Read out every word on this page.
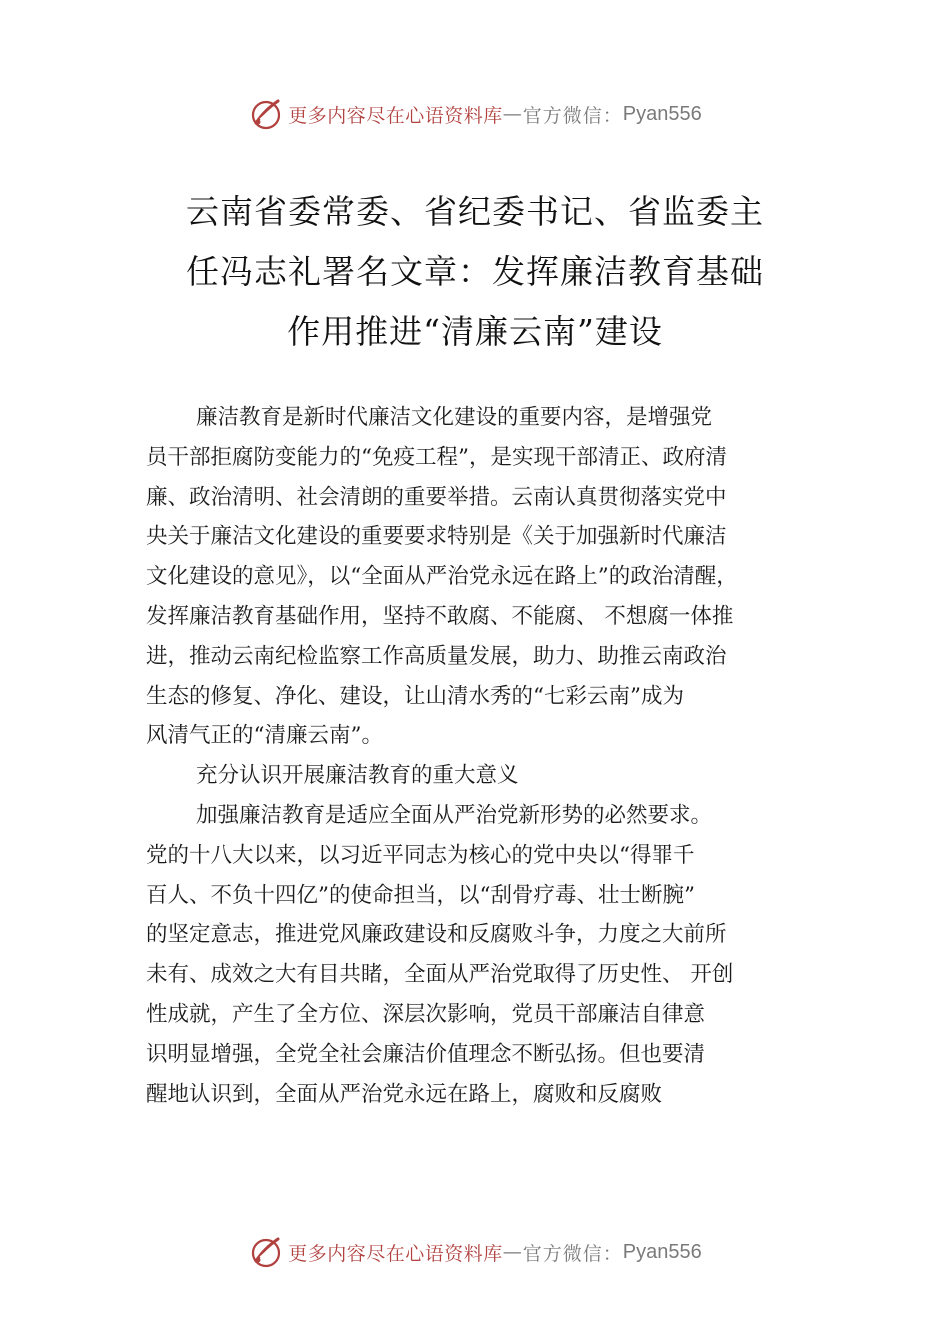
更多内容尽在心语资料库 — 官方微信： Pyan556
云南省委常委、省纪委书记、省监委主
任冯志礼署名文章：发挥廉洁教育基础
作用推进“清廉云南”建设
廉洁教育是新时代廉洁文化建设的重要内容，是增强党
员干部拒腐防变能力的“免疫工程”，是实现干部清正、政府清
廉、政治清明、社会清朗的重要举措。云南认真贯彻落实党中
央关于廉洁文化建设的重要要求特别是《关于加强新时代廉洁
文化建设的意见》，以“全面从严治党永远在路上”的政治清醒，
发挥廉洁教育基础作用，坚持不敢腐、不能腐、 不想腐一体推
进，推动云南纪检监察工作高质量发展，助力、助推云南政治
生态的修复、净化、建设，让山清水秀的“七彩云南”成为
风清气正的“清廉云南”。
充分认识开展廉洁教育的重大意义
加强廉洁教育是适应全面从严治党新形势的必然要求。
党的十八大以来，以习近平同志为核心的党中央以“得罪千
百人、不负十四亿”的使命担当，以“刮骨疗毒、壮士断腕”
的坚定意志，推进党风廉政建设和反腐败斗争，力度之大前所
未有、成效之大有目共睹，全面从严治党取得了历史性、 开创
性成就，产生了全方位、深层次影响，党员干部廉洁自律意
识明显增强，全党全社会廉洁价值理念不断弘扬。但也要清
醒地认识到，全面从严治党永远在路上，腐败和反腐败
更多内容尽在心语资料库 — 官方微信： Pyan556
